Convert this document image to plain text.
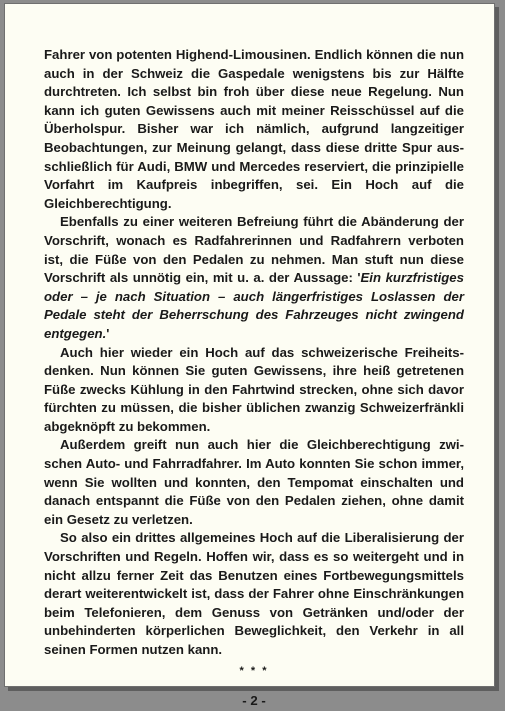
Fahrer von potenten Highend-Limousinen. Endlich können die nun auch in der Schweiz die Gaspedale wenigstens bis zur Hälfte durchtreten. Ich selbst bin froh über diese neue Regelung. Nun kann ich guten Gewissens auch mit meiner Reisschüssel auf die Überholspur. Bisher war ich nämlich, aufgrund langzeitiger Beobachtungen, zur Meinung gelangt, dass diese dritte Spur ausschließlich für Audi, BMW und Mercedes reserviert, die prinzipielle Vorfahrt im Kaufpreis inbegriffen, sei. Ein Hoch auf die Gleichberechtigung.

Ebenfalls zu einer weiteren Befreiung führt die Abänderung der Vorschrift, wonach es Radfahrerinnen und Radfahrern verboten ist, die Füße von den Pedalen zu nehmen. Man stuft nun diese Vorschrift als unnötig ein, mit u. a. der Aussage: 'Ein kurzfristiges oder – je nach Situation – auch längerfristiges Loslassen der Pedale steht der Beherrschung des Fahrzeuges nicht zwingend entgegen.'

Auch hier wieder ein Hoch auf das schweizerische Freiheitsdenken. Nun können Sie guten Gewissens, ihre heiß getretenen Füße zwecks Kühlung in den Fahrtwind strecken, ohne sich davor fürchten zu müssen, die bisher üblichen zwanzig Schweizerfränkli abgeknöpft zu bekommen.

Außerdem greift nun auch hier die Gleichberechtigung zwischen Auto- und Fahrradfahrer. Im Auto konnten Sie schon immer, wenn Sie wollten und konnten, den Tempomat einschalten und danach entspannt die Füße von den Pedalen ziehen, ohne damit ein Gesetz zu verletzen.

So also ein drittes allgemeines Hoch auf die Liberalisierung der Vorschriften und Regeln. Hoffen wir, dass es so weitergeht und in nicht allzu ferner Zeit das Benutzen eines Fortbewegungsmittels derart weiterentwickelt ist, dass der Fahrer ohne Einschränkungen beim Telefonieren, dem Genuss von Getränken und/oder der unbehinderten körperlichen Beweglichkeit, den Verkehr in all seinen Formen nutzen kann.

* * *
- 2 -
